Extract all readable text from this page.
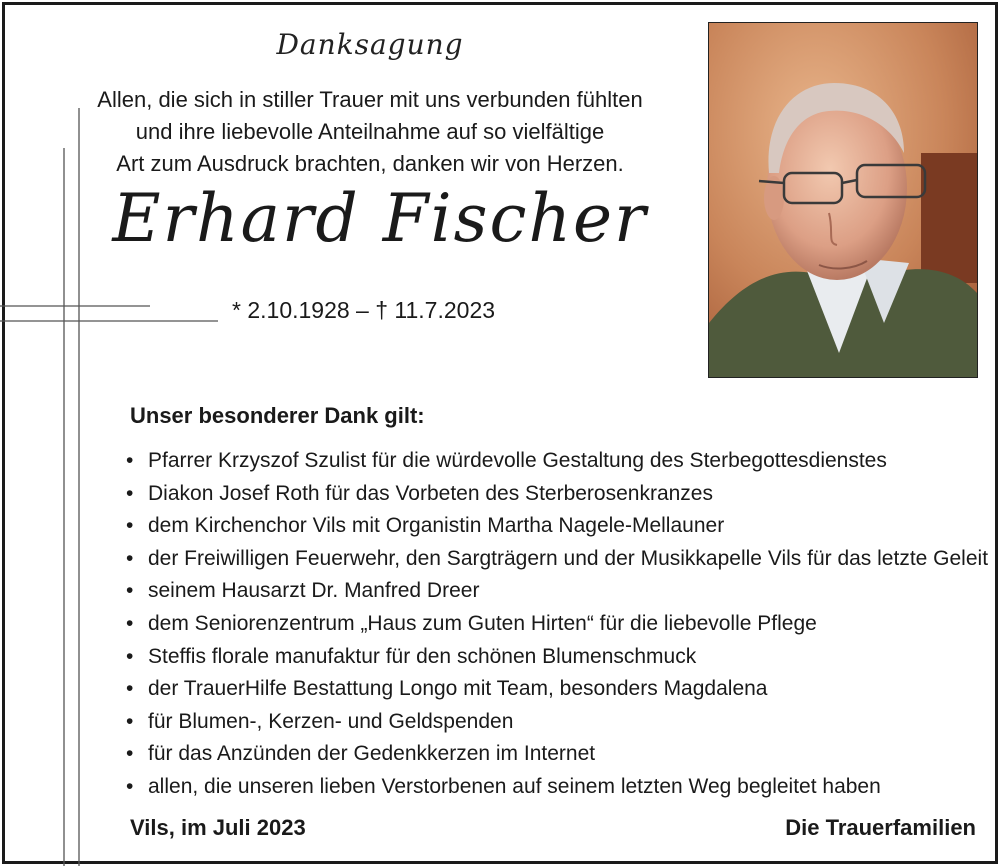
Danksagung
Allen, die sich in stiller Trauer mit uns verbunden fühlten
und ihre liebevolle Anteilnahme auf so vielfältige
Art zum Ausdruck brachten, danken wir von Herzen.
Erhard Fischer
* 2.10.1928 – † 11.7.2023
Unser besonderer Dank gilt:
• Pfarrer Krzyszof Szulist für die würdevolle Gestaltung des Sterbegottesdienstes
• Diakon Josef Roth für das Vorbeten des Sterberosenkranzes
• dem Kirchenchor Vils mit Organistin Martha Nagele-Mellauner
• der Freiwilligen Feuerwehr, den Sargträgern und der Musikkapelle Vils für das letzte Geleit
• seinem Hausarzt Dr. Manfred Dreer
• dem Seniorenzentrum „Haus zum Guten Hirten“ für die liebevolle Pflege
• Steffis florale manufaktur für den schönen Blumenschmuck
• der TrauerHilfe Bestattung Longo mit Team, besonders Magdalena
• für Blumen-, Kerzen- und Geldspenden
• für das Anzünden der Gedenkkerzen im Internet
• allen, die unseren lieben Verstorbenen auf seinem letzten Weg begleitet haben
Vils, im Juli 2023	Die Trauerfamilien
